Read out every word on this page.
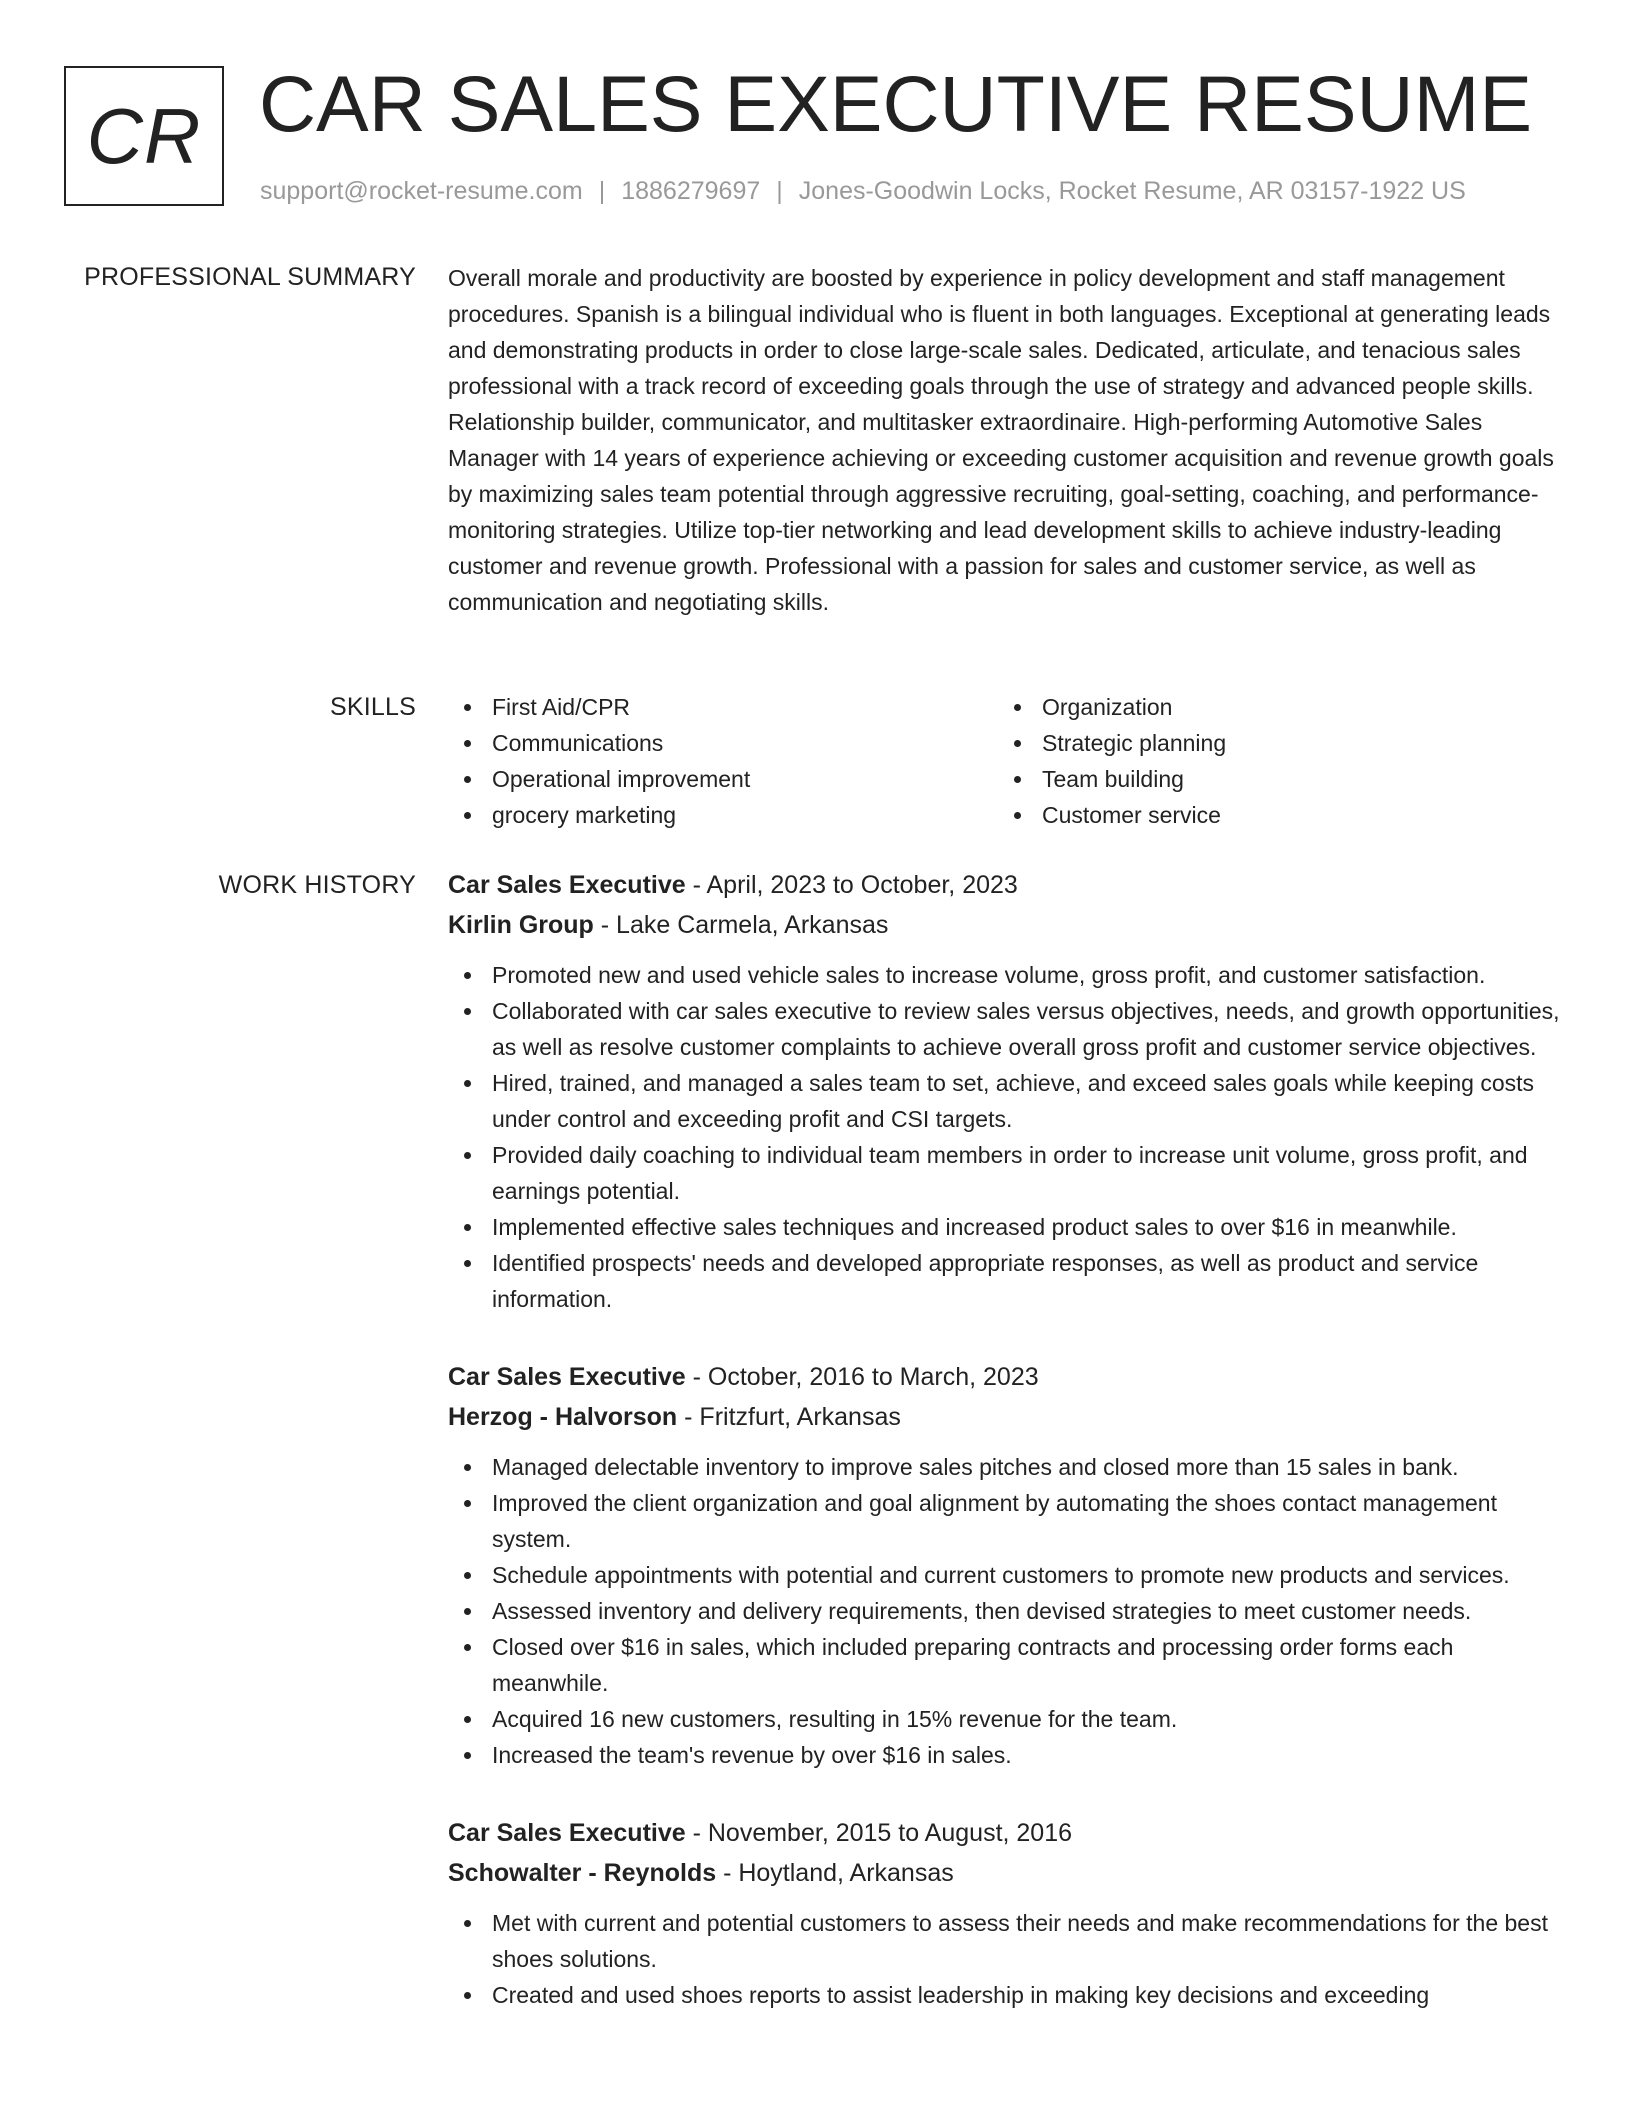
CR CAR SALES EXECUTIVE RESUME
support@rocket-resume.com | 1886279697 | Jones-Goodwin Locks, Rocket Resume, AR 03157-1922 US
PROFESSIONAL SUMMARY Overall morale and productivity are boosted by experience in policy development and staff management procedures. Spanish is a bilingual individual who is fluent in both languages. Exceptional at generating leads and demonstrating products in order to close large-scale sales. Dedicated, articulate, and tenacious sales professional with a track record of exceeding goals through the use of strategy and advanced people skills. Relationship builder, communicator, and multitasker extraordinaire. High-performing Automotive Sales Manager with 14 years of experience achieving or exceeding customer acquisition and revenue growth goals by maximizing sales team potential through aggressive recruiting, goal-setting, coaching, and performance-monitoring strategies. Utilize top-tier networking and lead development skills to achieve industry-leading customer and revenue growth. Professional with a passion for sales and customer service, as well as communication and negotiating skills.

SKILLS	First Aid/CPR	Organization
Communications	Strategic planning
Operational improvement	Team building
grocery marketing	Customer service
WORK HISTORY Car Sales Executive - April, 2023 to October, 2023
Kirlin Group - Lake Carmela, Arkansas
Promoted new and used vehicle sales to increase volume, gross profit, and customer satisfaction.
Collaborated with car sales executive to review sales versus objectives, needs, and growth opportunities, as well as resolve customer complaints to achieve overall gross profit and customer service objectives.
Hired, trained, and managed a sales team to set, achieve, and exceed sales goals while keeping costs under control and exceeding profit and CSI targets.
Provided daily coaching to individual team members in order to increase unit volume, gross profit, and earnings potential.
Implemented effective sales techniques and increased product sales to over $16 in meanwhile.
Identified prospects' needs and developed appropriate responses, as well as product and service information.
Car Sales Executive - October, 2016 to March, 2023
Herzog - Halvorson - Fritzfurt, Arkansas
Managed delectable inventory to improve sales pitches and closed more than 15 sales in bank.
Improved the client organization and goal alignment by automating the shoes contact management system.
Schedule appointments with potential and current customers to promote new products and services.
Assessed inventory and delivery requirements, then devised strategies to meet customer needs.
Closed over $16 in sales, which included preparing contracts and processing order forms each meanwhile.
Acquired 16 new customers, resulting in 15% revenue for the team.
Increased the team's revenue by over $16 in sales.
Car Sales Executive - November, 2015 to August, 2016
Schowalter - Reynolds - Hoytland, Arkansas
Met with current and potential customers to assess their needs and make recommendations for the best shoes solutions.
Created and used shoes reports to assist leadership in making key decisions and exceeding
